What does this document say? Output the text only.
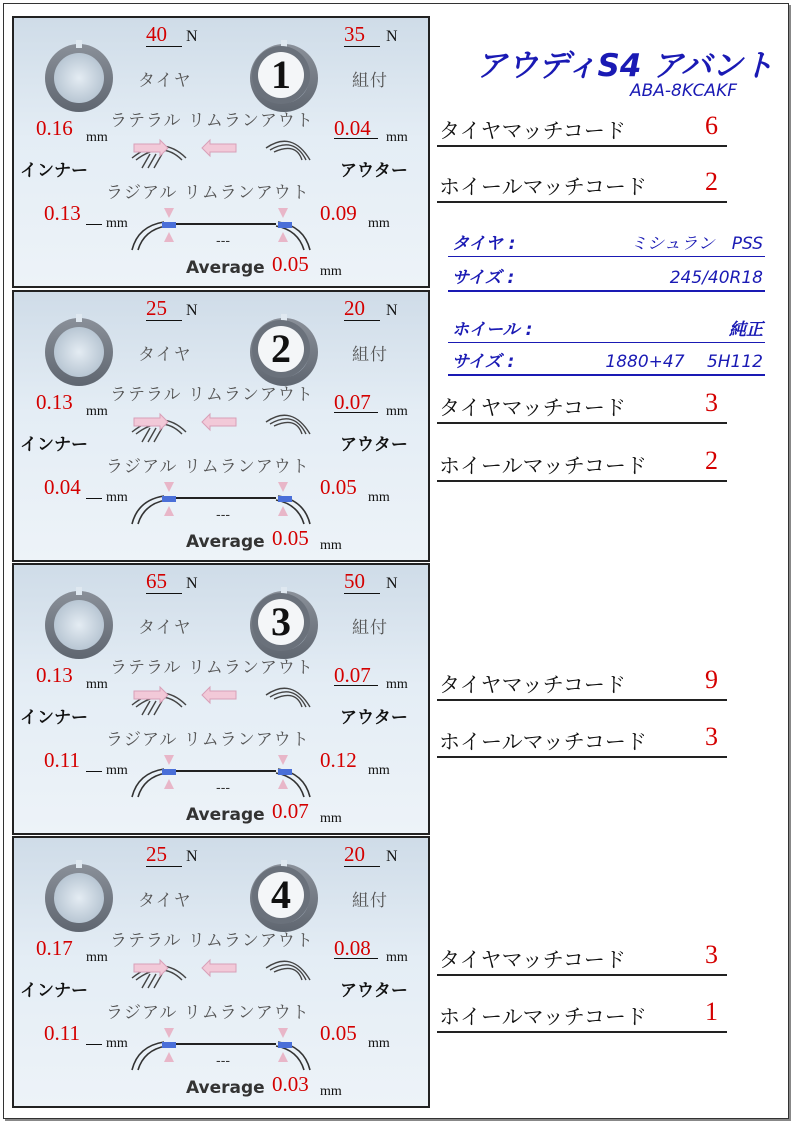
アウディS4 アバント
ABA-8KCAKF
タイヤ :	ミシュラン　PSS
サイズ :	245/40R18
ホイール :	純正
サイズ :	1880+47　 5H112
1
40 N	35 N
タイヤ	組付
ラテラル リムランアウト
0.16 mm	0.04 mm
インナー	アウター
ラジアル リムランアウト
0.13 mm	0.09 mm
---
Average 0.05 mm
2
25 N	20 N
タイヤ	組付
ラテラル リムランアウト
0.13 mm	0.07 mm
インナー	アウター
ラジアル リムランアウト
0.04 mm	0.05 mm
---
Average 0.05 mm
3
65 N	50 N
タイヤ	組付
ラテラル リムランアウト
0.13 mm	0.07 mm
インナー	アウター
ラジアル リムランアウト
0.11 mm	0.12 mm
---
Average 0.07 mm
4
25 N	20 N
タイヤ	組付
ラテラル リムランアウト
0.17 mm	0.08 mm
インナー	アウター
ラジアル リムランアウト
0.11 mm	0.05 mm
---
Average 0.03 mm
タイヤマッチコード	6
ホイールマッチコード 2
タイヤマッチコード	3
ホイールマッチコード 2
タイヤマッチコード	9
ホイールマッチコード 3
タイヤマッチコード	3
ホイールマッチコード 1
